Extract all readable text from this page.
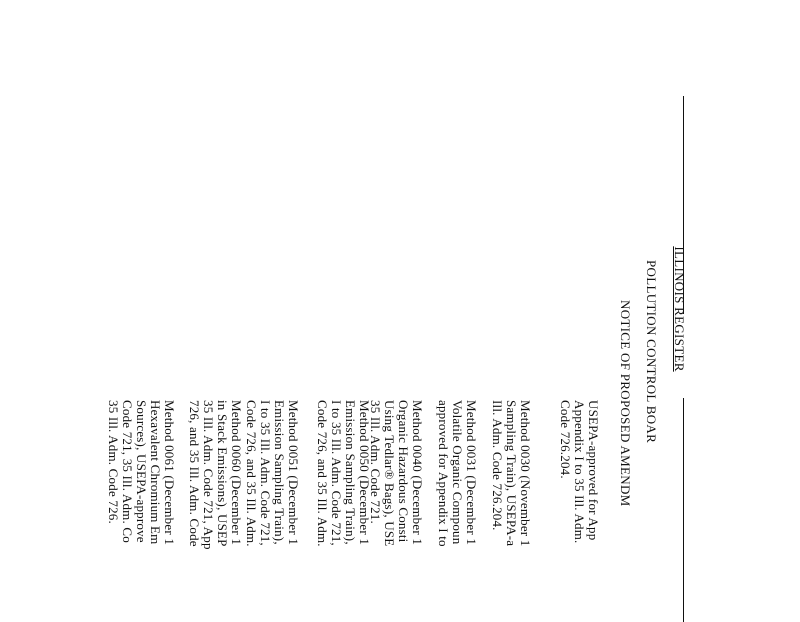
ILLINOIS REGISTER

POLLUTION CONTROL BOAR

NOTICE OF PROPOSED AMENDM

USEPA-approved for App
Appendix I to 35 Ill. Adm.
Code 726.204.

Method 0030 (November 1
Sampling Train), USEPA-a
Ill. Adm. Code 726.204.

Method 0031 (December 1
Volatile Organic Compoun
approved for Appendix I to

Method 0040 (December 1
Organic Hazardous Consti
Using Tedlar® Bags), USE
35 Ill. Adm. Code 721.

Method 0050 (December 1
Emission Sampling Train),
I to 35 Ill. Adm. Code 721,
Code 726, and 35 Ill. Adm.

Method 0051 (December 1
Emission Sampling Train),
I to 35 Ill. Adm. Code 721,
Code 726, and 35 Ill. Adm.

Method 0060 (December 1
in Stack Emissions), USEP
35 Ill. Adm. Code 721, App
726, and 35 Ill. Adm. Code

Method 0061 (December 1
Hexavalent Chromium Em
Sources), USEPA-approve
Code 721, 35 Ill. Adm. Co
35 Ill. Adm. Code 726.
